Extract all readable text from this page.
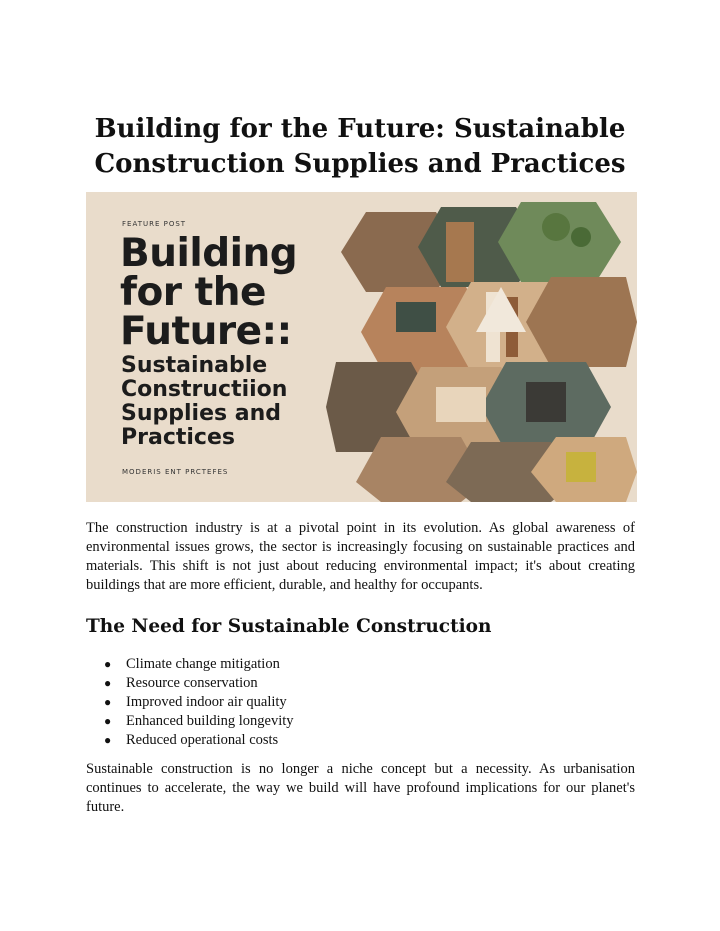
Building for the Future: Sustainable Construction Supplies and Practices
FEATURE POST
Building
for the
Future::
Sustainable
Constructiion
Supplies and
Practices
MODERIS ENT PRCTEFES

The construction industry is at a pivotal point in its evolution. As global awareness of environmental issues grows, the sector is increasingly focusing on sustainable practices and materials. This shift is not just about reducing environmental impact; it's about creating buildings that are more efficient, durable, and healthy for occupants.

The Need for Sustainable Construction
● Climate change mitigation
● Resource conservation
● Improved indoor air quality
● Enhanced building longevity
● Reduced operational costs

Sustainable construction is no longer a niche concept but a necessity. As urbanisation continues to accelerate, the way we build will have profound implications for our planet's future.
